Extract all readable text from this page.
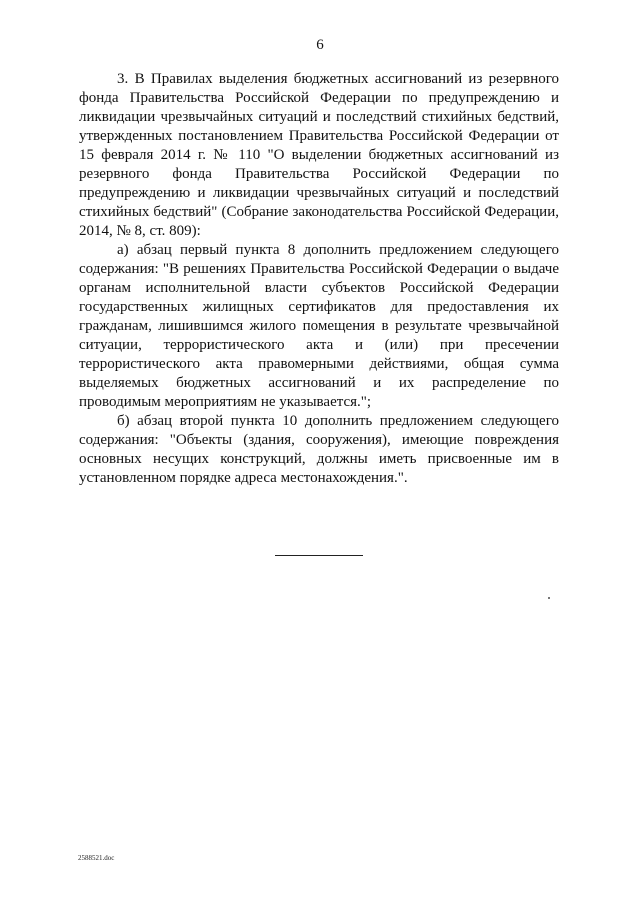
6

3. В Правилах выделения бюджетных ассигнований из резервного фонда Правительства Российской Федерации по предупреждению и ликвидации чрезвычайных ситуаций и последствий стихийных бедствий, утвержденных постановлением Правительства Российской Федерации от 15 февраля 2014 г. № 110 "О выделении бюджетных ассигнований из резервного фонда Правительства Российской Федерации по предупреждению и ликвидации чрезвычайных ситуаций и последствий стихийных бедствий" (Собрание законодательства Российской Федерации, 2014, № 8, ст. 809):

а) абзац первый пункта 8 дополнить предложением следующего содержания: "В решениях Правительства Российской Федерации о выдаче органам исполнительной власти субъектов Российской Федерации государственных жилищных сертификатов для предоставления их гражданам, лишившимся жилого помещения в результате чрезвычайной ситуации, террористического акта и (или) при пресечении террористического акта правомерными действиями, общая сумма выделяемых бюджетных ассигнований и их распределение по проводимым мероприятиям не указывается.";

б) абзац второй пункта 10 дополнить предложением следующего содержания: "Объекты (здания, сооружения), имеющие повреждения основных несущих конструкций, должны иметь присвоенные им в установленном порядке адреса местонахождения.".

2588521.doc
